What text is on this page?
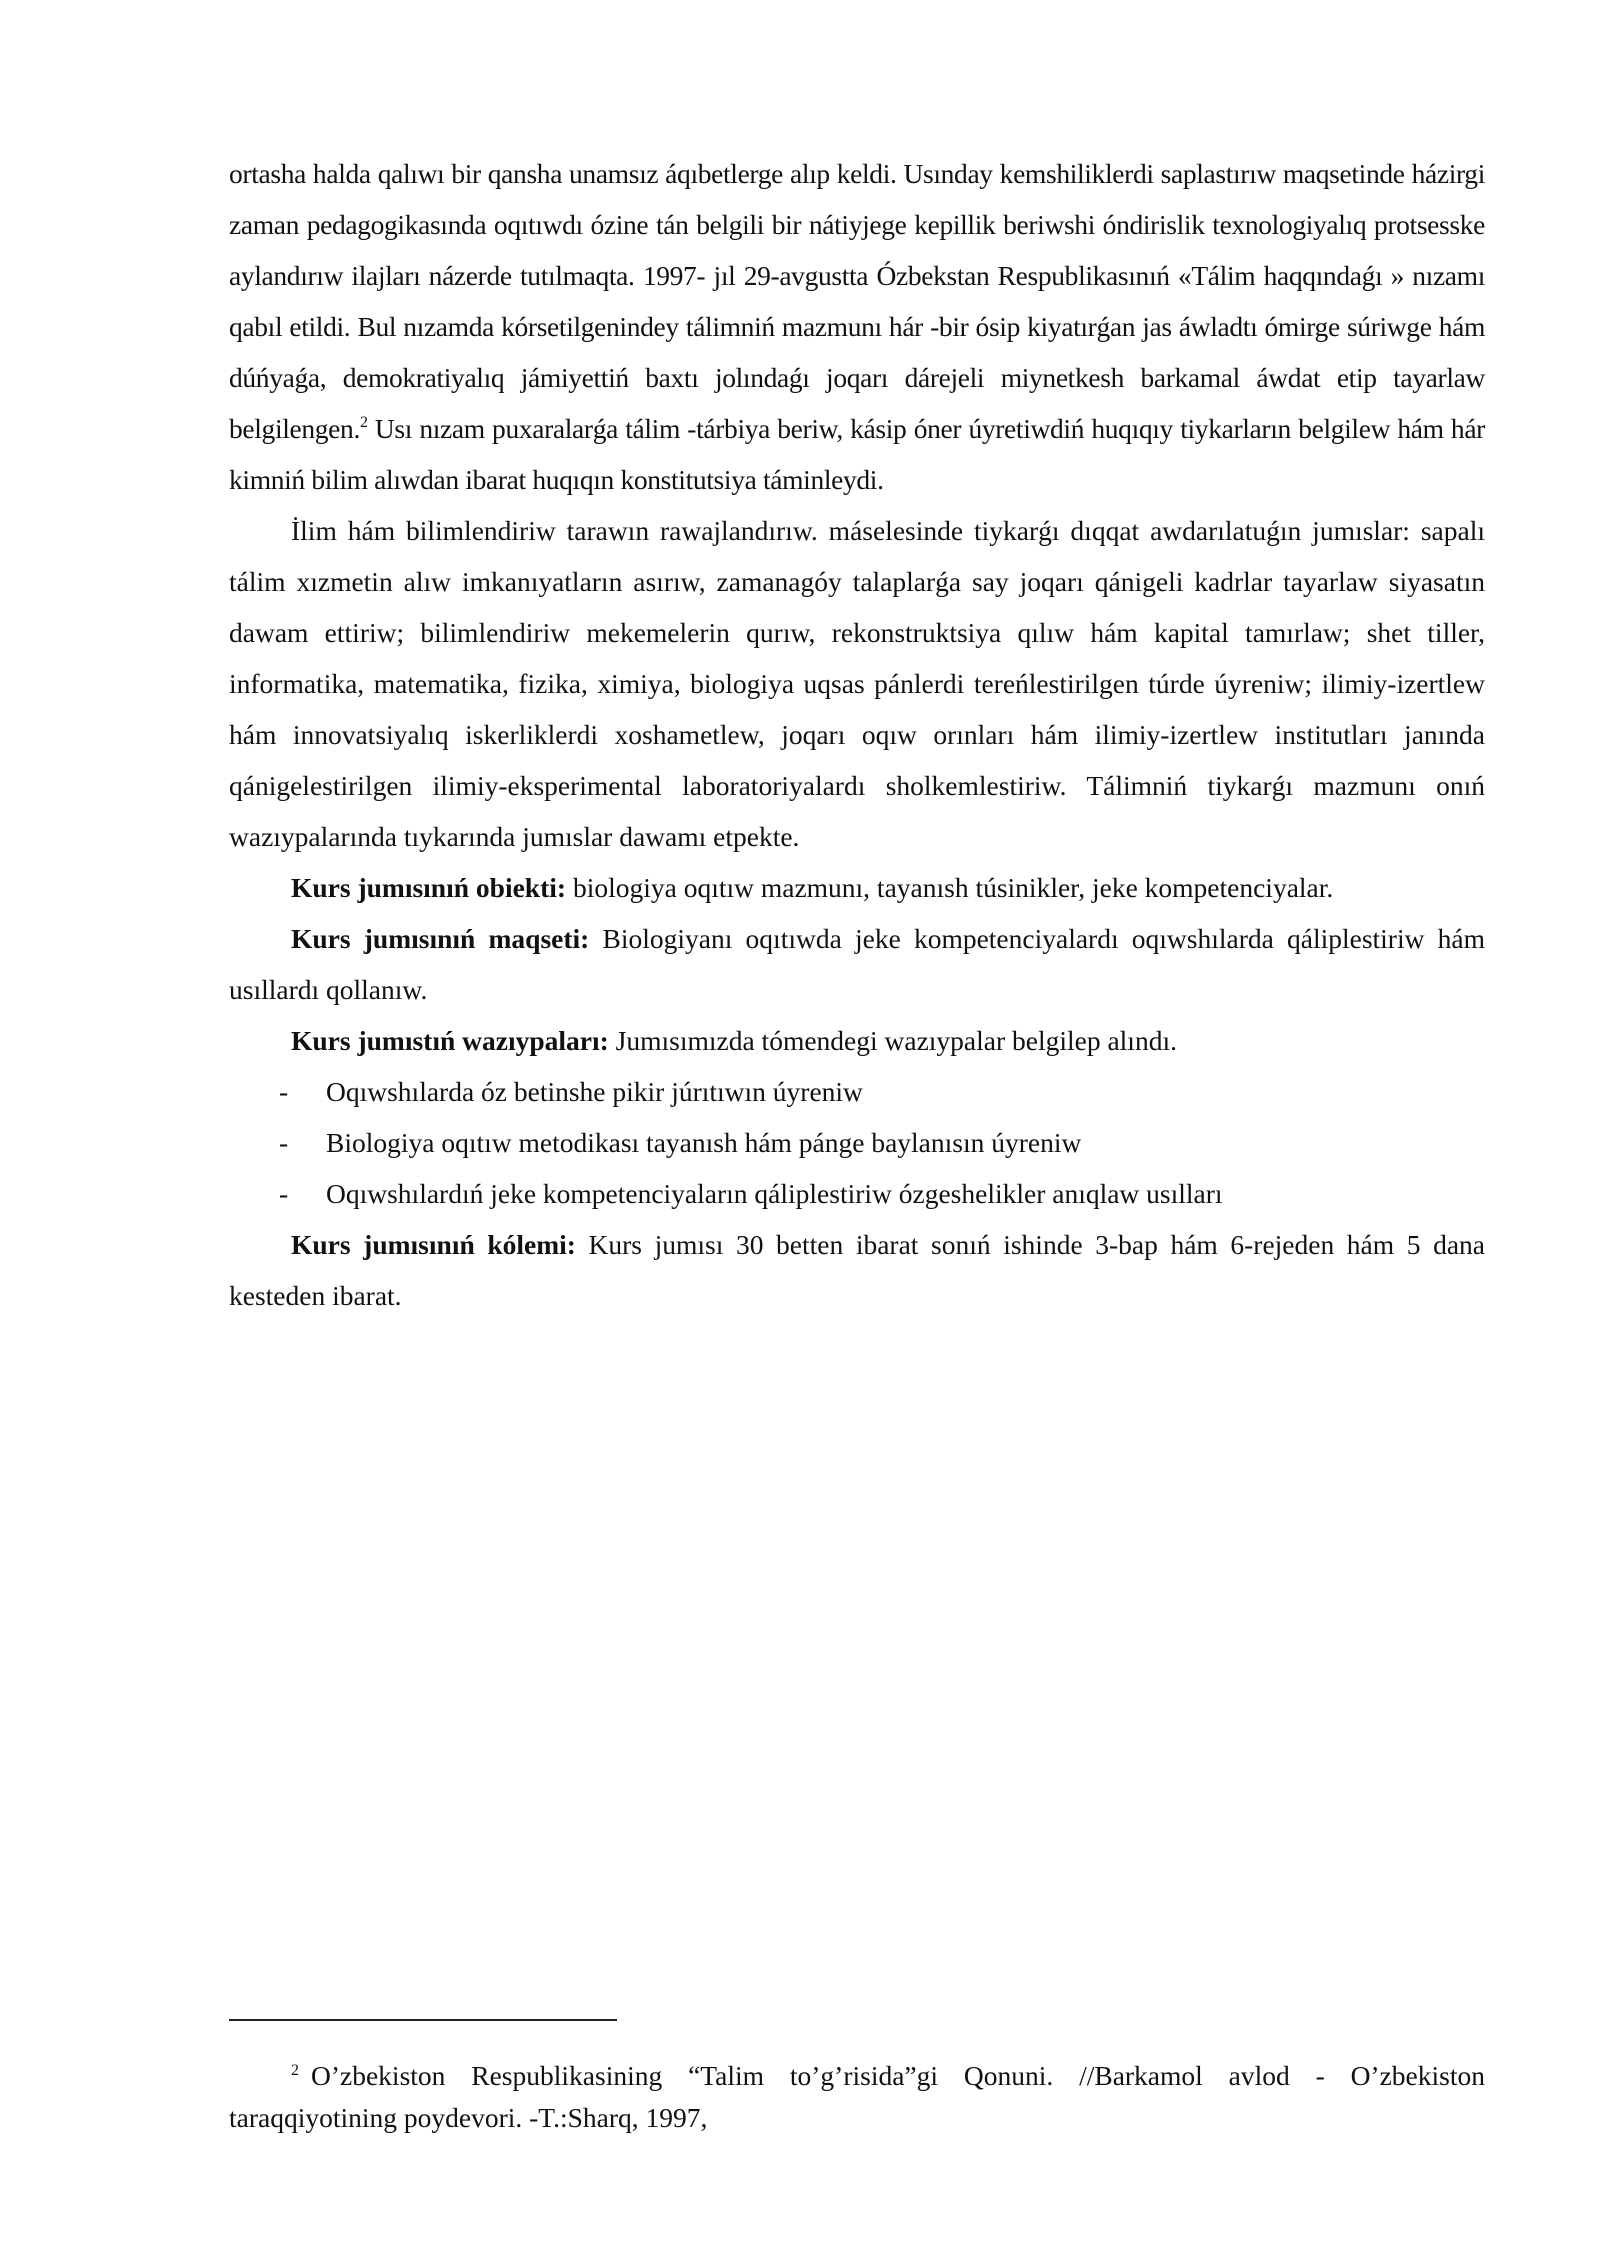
ortasha halda qalıwı bir qansha unamsız áqıbetlerge alıp keldi. Usınday kemshiliklerdi saplastırıw maqsetinde házirgi zaman pedagogikasında oqıtıwdı ózine tán belgili bir nátiyjege kepillik beriwshi óndirislik texnologiyalıq protsesske aylandırıw ilajları názerde tutılmaqta. 1997- jıl 29-avgustta Ózbekstan Respublikasınıń «Tálim haqqındaǵı » nızamı qabıl etildi. Bul nızamda kórsetilgenindey tálimniń mazmunı hár -bir ósip kiyatırǵan jas áwladtı ómirge súriwge hám dúńyaǵa, demokratiyalıq jámiyettiń baxtı jolındaǵı joqarı dárejeli miynetkesh barkamal áwdat etip tayarlaw belgilengen.$^2$ Usı nızam puxaralarǵa tálim -tárbiya beriw, kásip óner úyretiwdiń huqıqıy tiykarların belgilew hám hár kimniń bilim alıwdan ibarat huqıqın konstitutsiya táminleydi.

İlim hám bilimlendiriw tarawın rawajlandırıw. máselesinde tiykarǵı dıqqat awdarılatuǵın jumıslar: sapalı tálim xızmetin alıw imkanıyatların asırıw, zamanagóy talaplarǵa say joqarı qánigeli kadrlar tayarlaw siyasatın dawam ettiriw; bilimlendiriw mekemelerin qurıw, rekonstruktsiya qılıw hám kapital tamırlaw; shet tiller, informatika, matematika, fizika, ximiya, biologiya uqsas pánlerdi tereńlestirilgen túrde úyreniw; ilimiy-izertlew hám innovatsiyalıq iskerliklerdi xoshametlew, joqarı oqıw orınları hám ilimiy-izertlew institutları janında qánigelestirilgen ilimiy-eksperimental laboratoriyalardı sholkemlestiriw. Tálimniń tiykarǵı mazmunı onıń wazıypalarında tıykarında jumıslar dawamı etpekte.

Kurs jumısınıń obiekti: biologiya oqıtıw mazmunı, tayanısh túsinikler, jeke kompetenciyalar.

Kurs jumısınıń maqseti: Biologiyanı oqıtıwda jeke kompetenciyalardı oqıwshılarda qáliplestiriw hám usıllardı qollanıw.

Kurs jumıstıń wazıypaları: Jumısımızda tómendegi wazıypalar belgilep alındı.

- Oqıwshılarda óz betinshe pikir júrıtıwın úyreniw

- Biologiya oqıtıw metodikası tayanısh hám pánge baylanısın úyreniw

- Oqıwshılardıń jeke kompetenciyaların qáliplestiriw ózgeshelikler anıqlaw usılları

Kurs jumısınıń kólemi: Kurs jumısı 30 betten ibarat sonıń ishinde 3-bap hám 6-rejeden hám 5 dana kesteden ibarat.

$^2$ O’zbekiston Respublikasining “Talim to’g’risida”gi Qonuni. //Barkamol avlod - O’zbekiston taraqqiyotining poydevori. -T.:Sharq, 1997,
